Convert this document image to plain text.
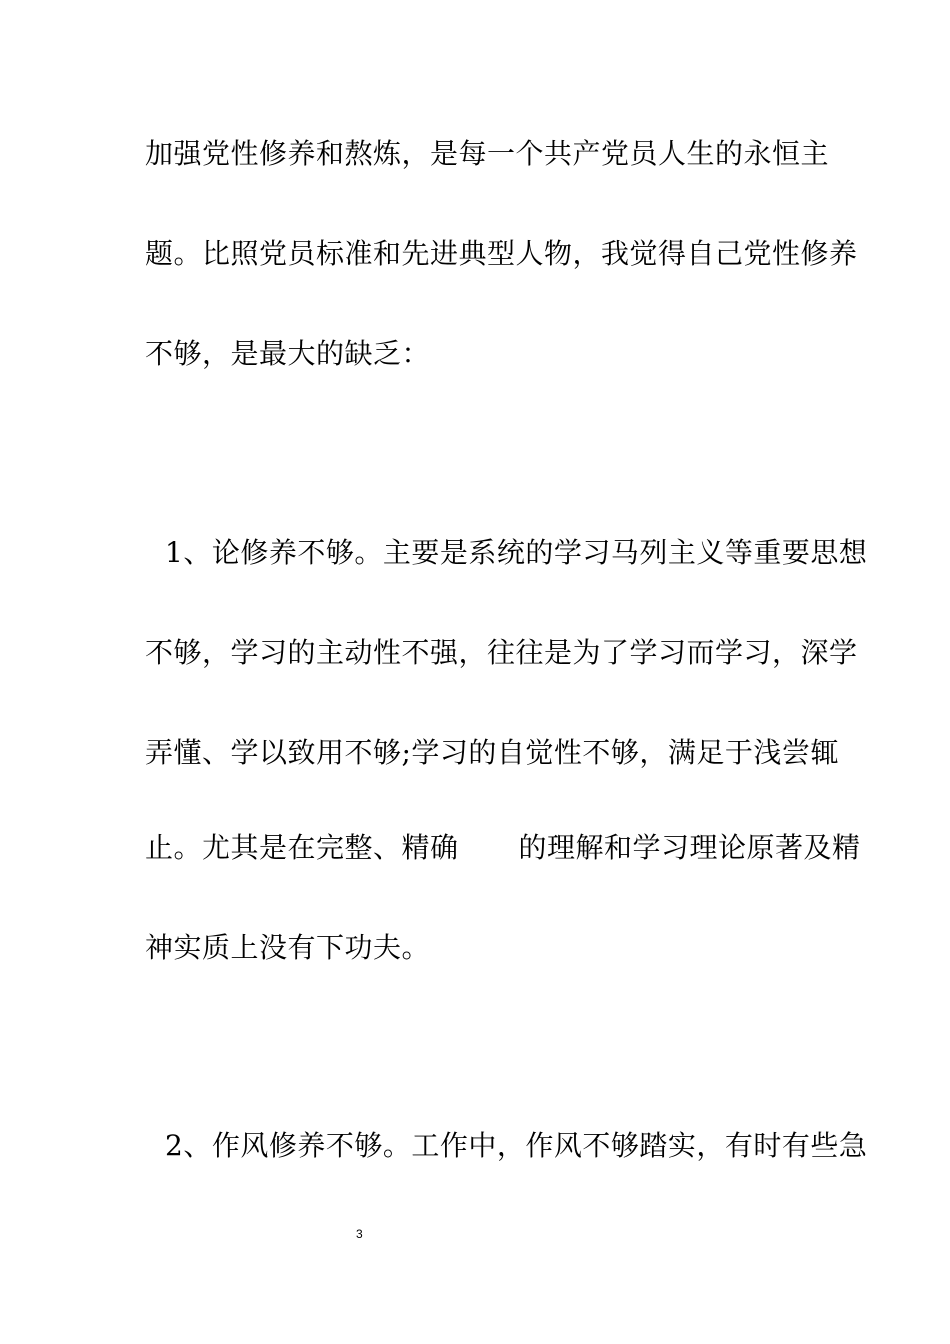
加强党性修养和熬炼，是每一个共产党员人生的永恒主
题。比照党员标准和先进典型人物，我觉得自己党性修养
不够，是最大的缺乏：
1、论修养不够。主要是系统的学习马列主义等重要思想
不够，学习的主动性不强，往往是为了学习而学习，深学
弄懂、学以致用不够;学习的自觉性不够，满足于浅尝辄
止。尤其是在完整、精确 的理解和学习理论原著及精
神实质上没有下功夫。
2、作风修养不够。工作中，作风不够踏实，有时有些急
3
